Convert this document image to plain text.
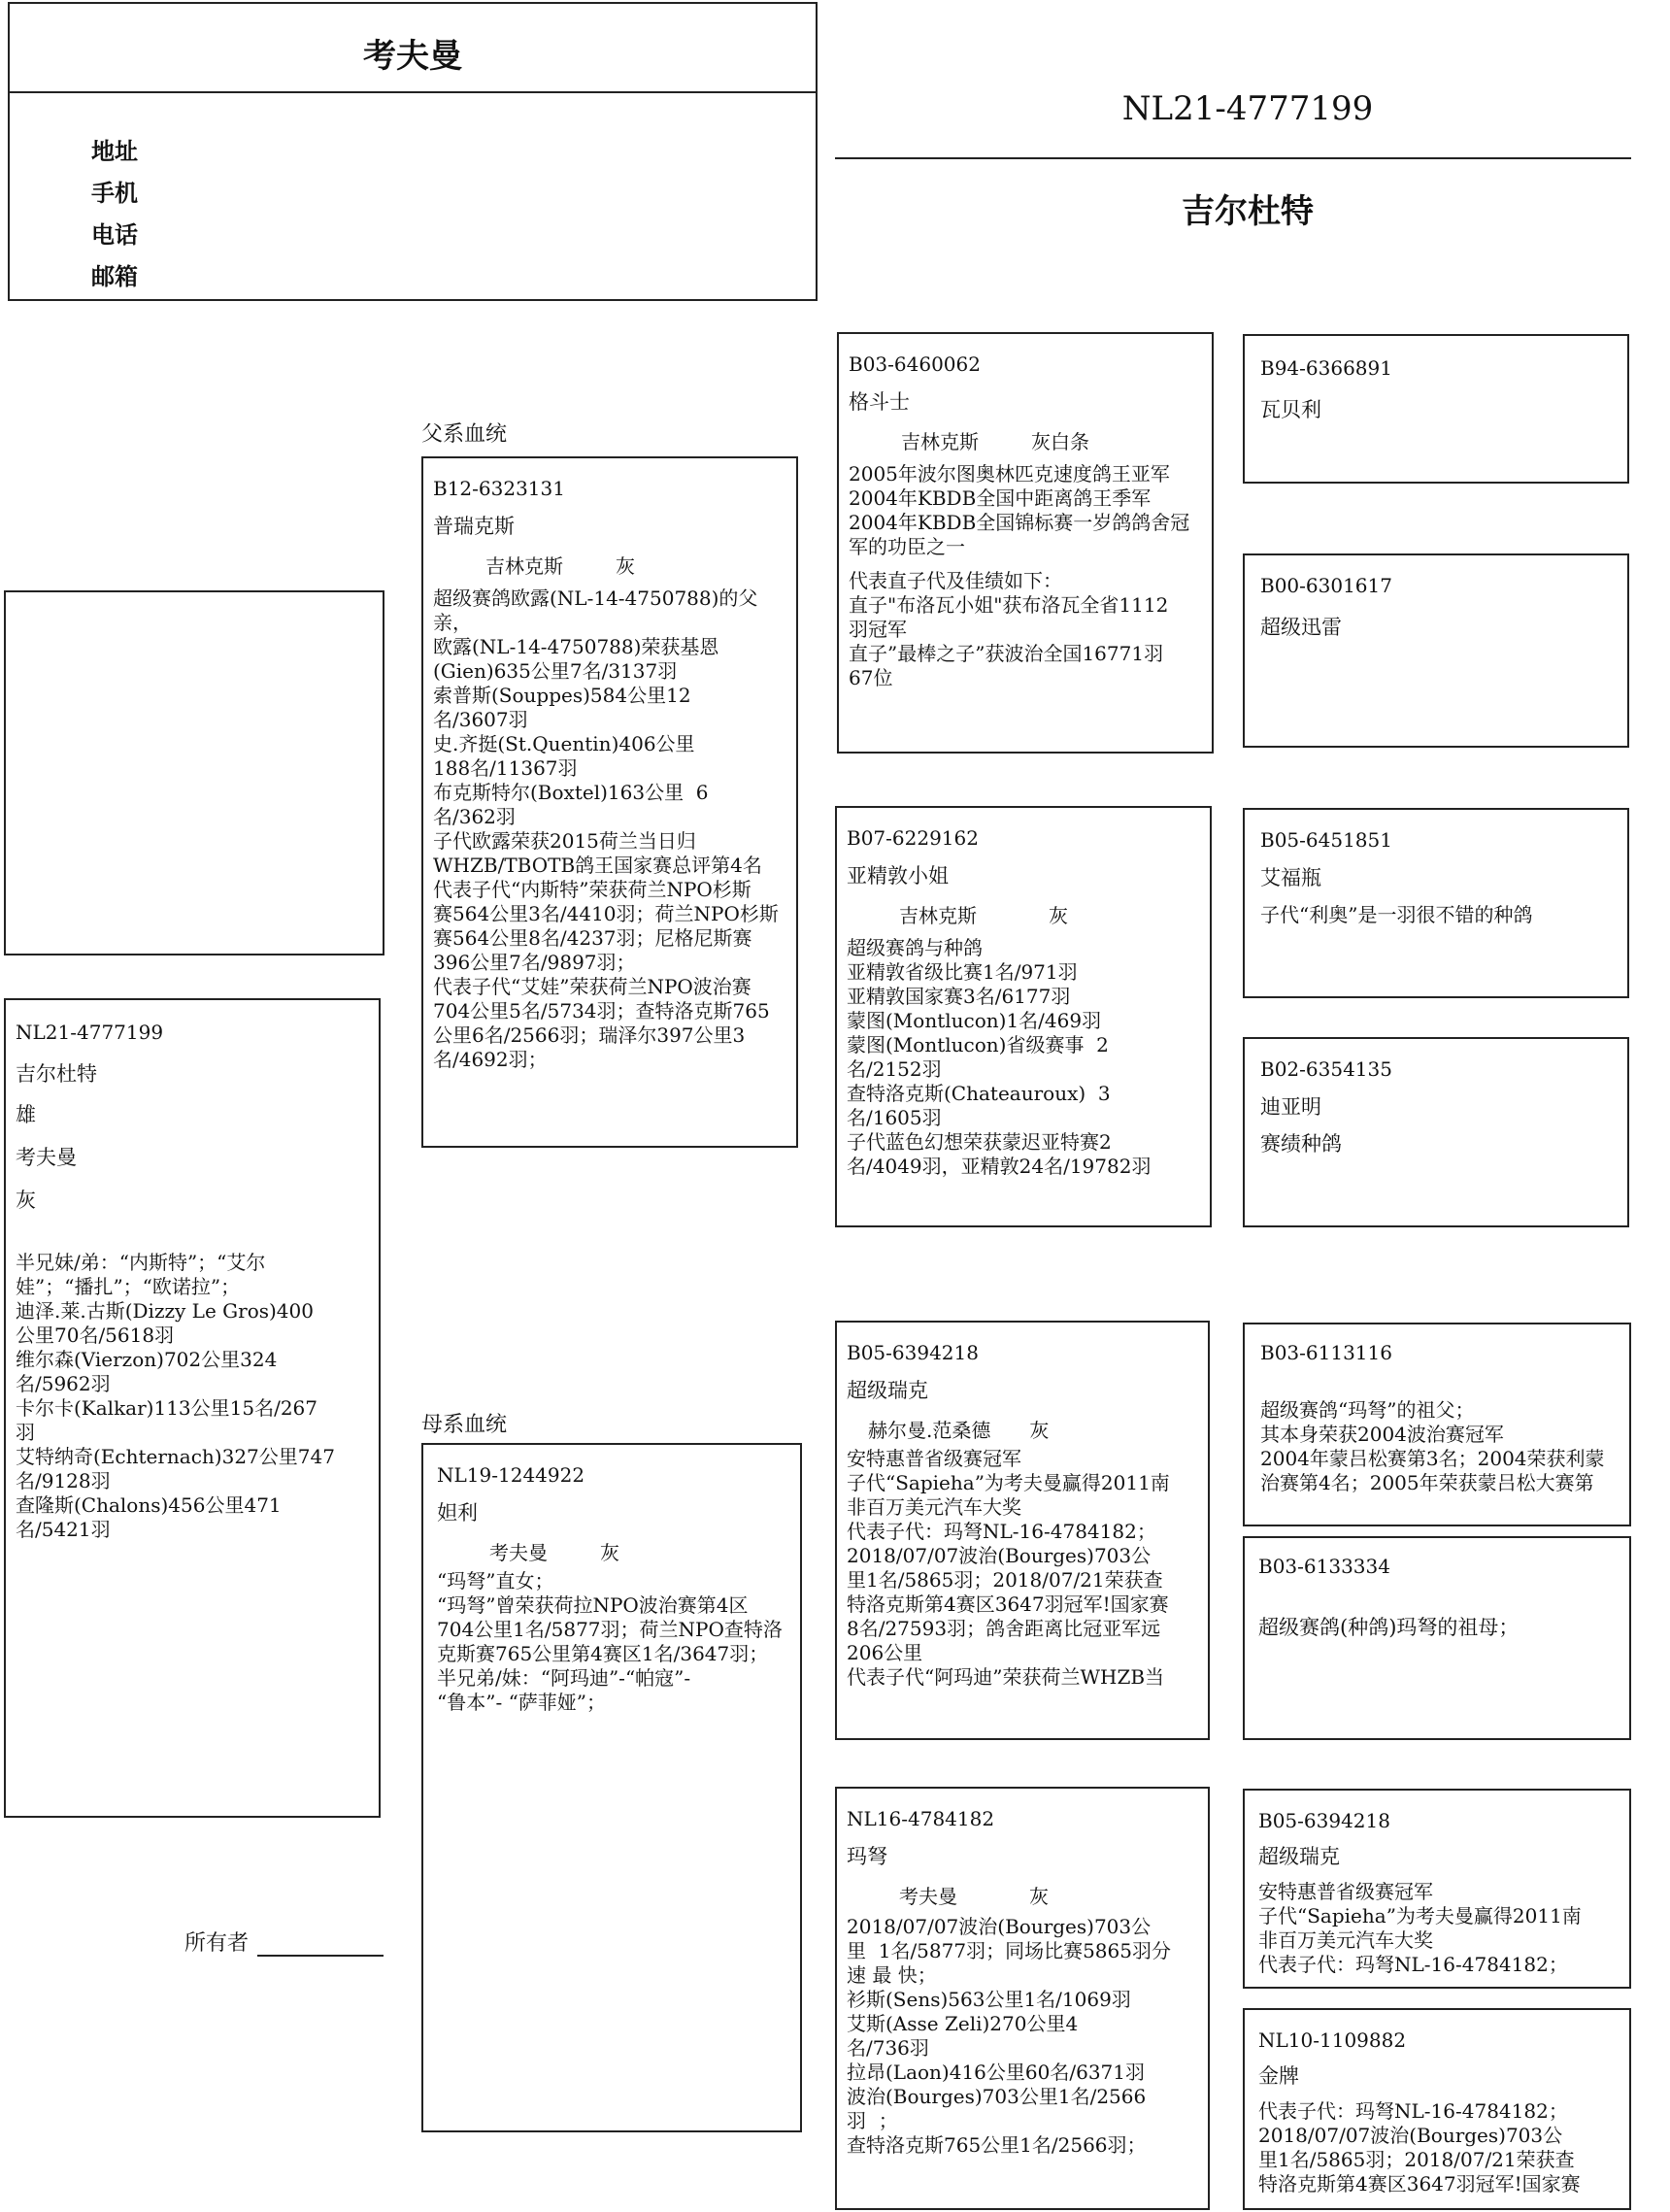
考夫曼
地址
手机
电话
邮箱
NL21-4777199
吉尔杜特
NL21-4777199
吉尔杜特
雄
考夫曼
灰
半兄妹/弟：“内斯特”；“艾尔
娃”；“播扎”；“欧诺拉”；
迪泽.莱.古斯(Dizzy Le Gros)400
公里70名/5618羽
维尔森(Vierzon)702公里324
名/5962羽
卡尔卡(Kalkar)113公里15名/267
羽
艾特纳奇(Echternach)327公里747
名/9128羽
查隆斯(Chalons)456公里471
名/5421羽
所有者
父系血统
母系血统
B12-6323131
普瑞克斯
吉林克斯	灰
超级赛鸽欧露(NL-14-4750788)的父
亲，
欧露(NL-14-4750788)荣获基恩
(Gien)635公里7名/3137羽
索普斯(Souppes)584公里12
名/3607羽
史.齐挺(St.Quentin)406公里
188名/11367羽
布克斯特尔(Boxtel)163公里  6
名/362羽
子代欧露荣获2015荷兰当日归
WHZB/TBOTB鸽王国家赛总评第4名
代表子代“内斯特”荣获荷兰NPO杉斯
赛564公里3名/4410羽；荷兰NPO杉斯
赛564公里8名/4237羽；尼格尼斯赛
396公里7名/9897羽；
代表子代“艾娃”荣获荷兰NPO波治赛
704公里5名/5734羽；查特洛克斯765
公里6名/2566羽；瑞泽尔397公里3
名/4692羽；
NL19-1244922
妲利
考夫曼	灰
“玛弩”直女；
“玛弩”曾荣获荷拉NPO波治赛第4区
704公里1名/5877羽；荷兰NPO查特洛
克斯赛765公里第4赛区1名/3647羽；
半兄弟/妹：“阿玛迪”-“帕寇”-
“鲁本”- “萨菲娅”；
B03-6460062
格斗士
吉林克斯	灰白条
2005年波尔图奥林匹克速度鸽王亚军
2004年KBDB全国中距离鸽王季军
2004年KBDB全国锦标赛一岁鸽鸽舍冠
军的功臣之一
代表直子代及佳绩如下：
直子"布洛瓦小姐"获布洛瓦全省1112
羽冠军
直子”最棒之子”获波治全国16771羽
67位
B07-6229162
亚精敦小姐
吉林克斯	灰
超级赛鸽与种鸽
亚精敦省级比赛1名/971羽
亚精敦国家赛3名/6177羽
蒙图(Montlucon)1名/469羽
蒙图(Montlucon)省级赛事  2
名/2152羽
查特洛克斯(Chateauroux)  3
名/1605羽
子代蓝色幻想荣获蒙迟亚特赛2
名/4049羽，亚精敦24名/19782羽
B05-6394218
超级瑞克
赫尔曼.范桑德 灰
安特惠普省级赛冠军
子代“Sapieha”为考夫曼赢得2011南
非百万美元汽车大奖
代表子代：玛弩NL-16-4784182；
2018/07/07波治(Bourges)703公
里1名/5865羽；2018/07/21荣获查
特洛克斯第4赛区3647羽冠军!国家赛
8名/27593羽；鸽舍距离比冠亚军远
206公里
代表子代“阿玛迪”荣获荷兰WHZB当
NL16-4784182
玛弩
考夫曼	灰
2018/07/07波治(Bourges)703公
里  1名/5877羽；同场比赛5865羽分
速 最 快；
衫斯(Sens)563公里1名/1069羽
艾斯(Asse Zeli)270公里4
名/736羽
拉昂(Laon)416公里60名/6371羽
波治(Bourges)703公里1名/2566
羽  ；
查特洛克斯765公里1名/2566羽；
B94-6366891
瓦贝利
B00-6301617
超级迅雷
B05-6451851
艾福瓶
子代“利奥”是一羽很不错的种鸽
B02-6354135
迪亚明
赛绩种鸽
B03-6113116
超级赛鸽“玛弩”的祖父；
其本身荣获2004波治赛冠军
2004年蒙吕松赛第3名；2004荣获利蒙
治赛第4名；2005年荣获蒙吕松大赛第
B03-6133334
超级赛鸽(种鸽)玛弩的祖母；
B05-6394218
超级瑞克
安特惠普省级赛冠军
子代“Sapieha”为考夫曼赢得2011南
非百万美元汽车大奖
代表子代：玛弩NL-16-4784182；
NL10-1109882
金牌
代表子代：玛弩NL-16-4784182；
2018/07/07波治(Bourges)703公
里1名/5865羽；2018/07/21荣获查
特洛克斯第4赛区3647羽冠军!国家赛
